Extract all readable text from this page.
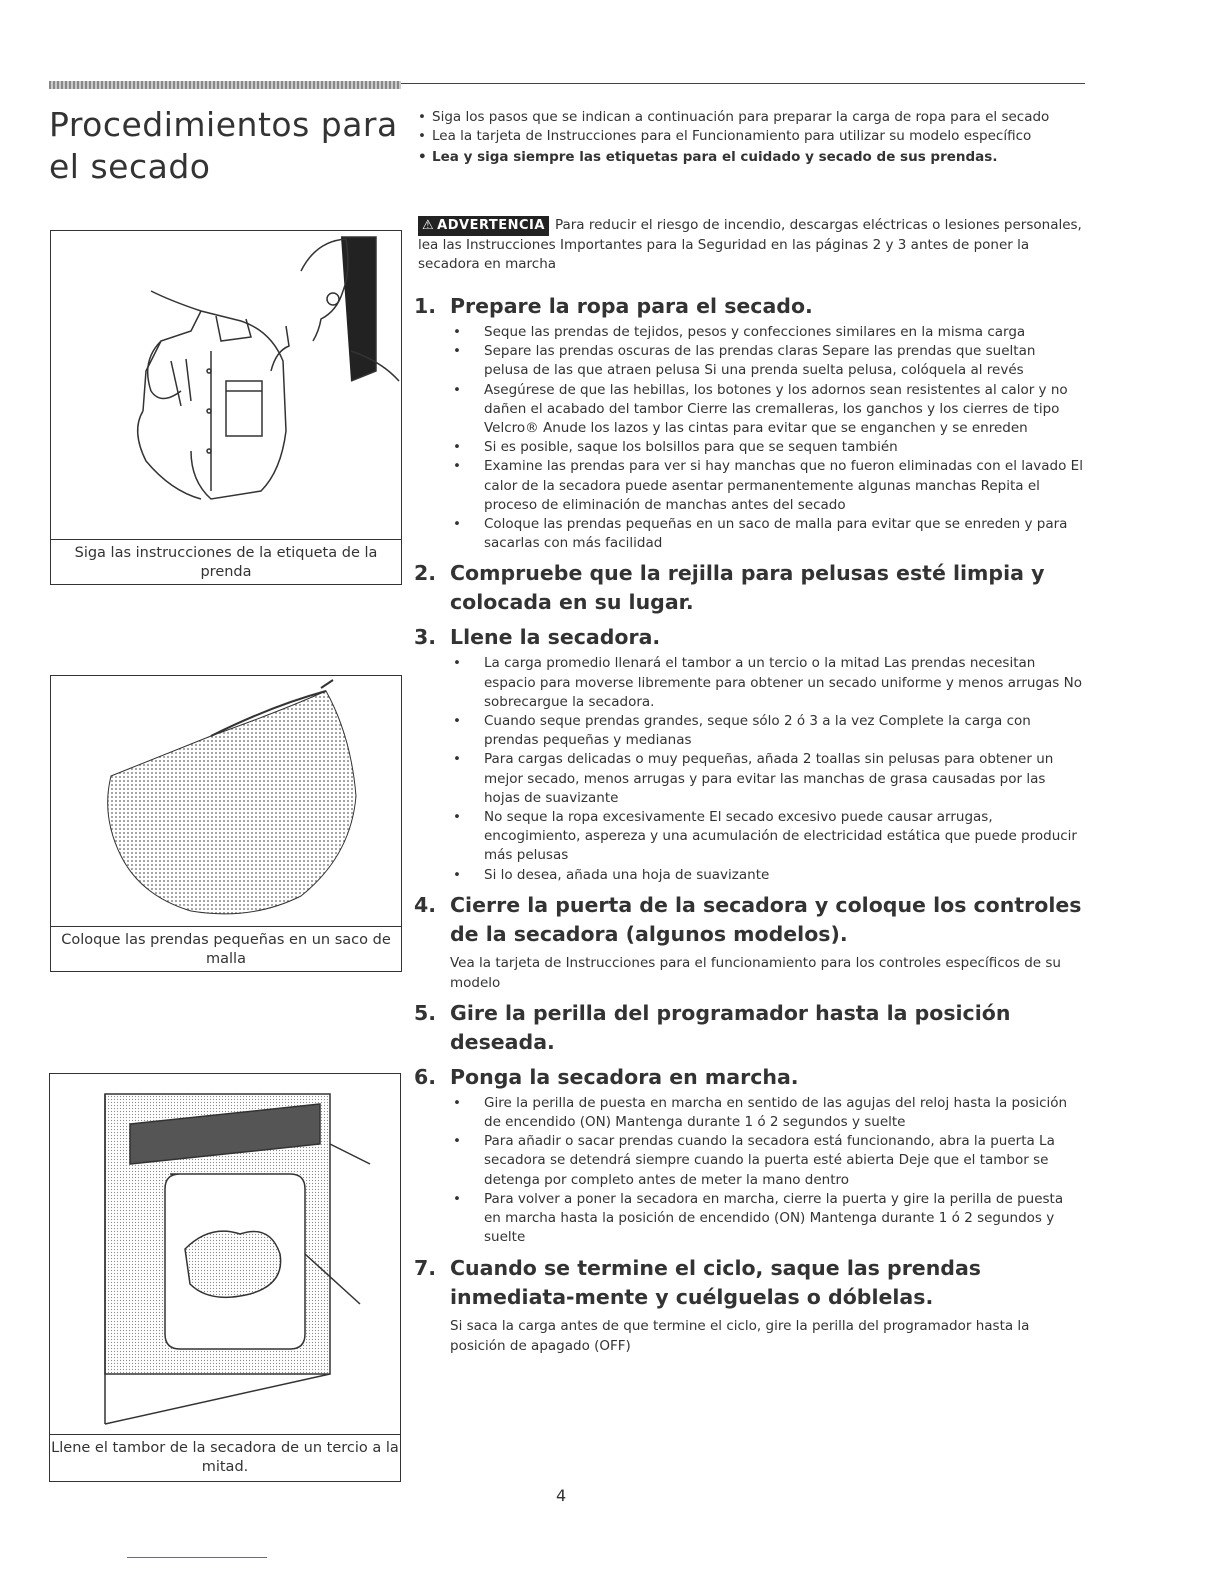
Procedimientos para el secado
• Siga los pasos que se indican a continuación para preparar la carga de ropa para el secado
• Lea la tarjeta de Instrucciones para el Funcionamiento para utilizar su modelo específico
• Lea y siga siempre las etiquetas para el cuidado y secado de sus prendas.
⚠ ADVERTENCIA Para reducir el riesgo de incendio, descargas eléctricas o lesiones personales, lea las Instrucciones Importantes para la Seguridad en las páginas 2 y 3 antes de poner la secadora en marcha
1. Prepare la ropa para el secado.
• Seque las prendas de tejidos, pesos y confecciones similares en la misma carga
• Separe las prendas oscuras de las prendas claras Separe las prendas que sueltan pelusa de las que atraen pelusa Si una prenda suelta pelusa, colóquela al revés
• Asegúrese de que las hebillas, los botones y los adornos sean resistentes al calor y no dañen el acabado del tambor Cierre las cremalleras, los ganchos y los cierres de tipo Velcro® Anude los lazos y las cintas para evitar que se enganchen y se enreden
• Si es posible, saque los bolsillos para que se sequen también
• Examine las prendas para ver si hay manchas que no fueron eliminadas con el lavado El calor de la secadora puede asentar permanentemente algunas manchas Repita el proceso de eliminación de manchas antes del secado
• Coloque las prendas pequeñas en un saco de malla para evitar que se enreden y para sacarlas con más facilidad
2. Compruebe que la rejilla para pelusas esté limpia y colocada en su lugar.
3. Llene la secadora.
• La carga promedio llenará el tambor a un tercio o la mitad Las prendas necesitan espacio para moverse libremente para obtener un secado uniforme y menos arrugas No sobrecargue la secadora.
• Cuando seque prendas grandes, seque sólo 2 ó 3 a la vez Complete la carga con prendas pequeñas y medianas
• Para cargas delicadas o muy pequeñas, añada 2 toallas sin pelusas para obtener un mejor secado, menos arrugas y para evitar las manchas de grasa causadas por las hojas de suavizante
• No seque la ropa excesivamente El secado excesivo puede causar arrugas, encogimiento, aspereza y una acumulación de electricidad estática que puede producir más pelusas
• Si lo desea, añada una hoja de suavizante
4. Cierre la puerta de la secadora y coloque los controles de la secadora (algunos modelos).

Vea la tarjeta de Instrucciones para el funcionamiento para los controles específicos de su modelo

5. Gire la perilla del programador hasta la posición deseada.
6. Ponga la secadora en marcha.
• Gire la perilla de puesta en marcha en sentido de las agujas del reloj hasta la posición de encendido (ON) Mantenga durante 1 ó 2 segundos y suelte
• Para añadir o sacar prendas cuando la secadora está funcionando, abra la puerta La secadora se detendrá siempre cuando la puerta esté abierta Deje que el tambor se detenga por completo antes de meter la mano dentro
• Para volver a poner la secadora en marcha, cierre la puerta y gire la perilla de puesta en marcha hasta la posición de encendido (ON) Mantenga durante 1 ó 2 segundos y suelte
7. Cuando se termine el ciclo, saque las prendas inmediata-mente y cuélguelas o dóblelas.

Si saca la carga antes de que termine el ciclo, gire la perilla del programador hasta la posición de apagado (OFF)

Siga las instrucciones de la etiqueta de la prenda
Coloque las prendas pequeñas en un saco de malla
Llene el tambor de la secadora de un tercio a la mitad.
4
